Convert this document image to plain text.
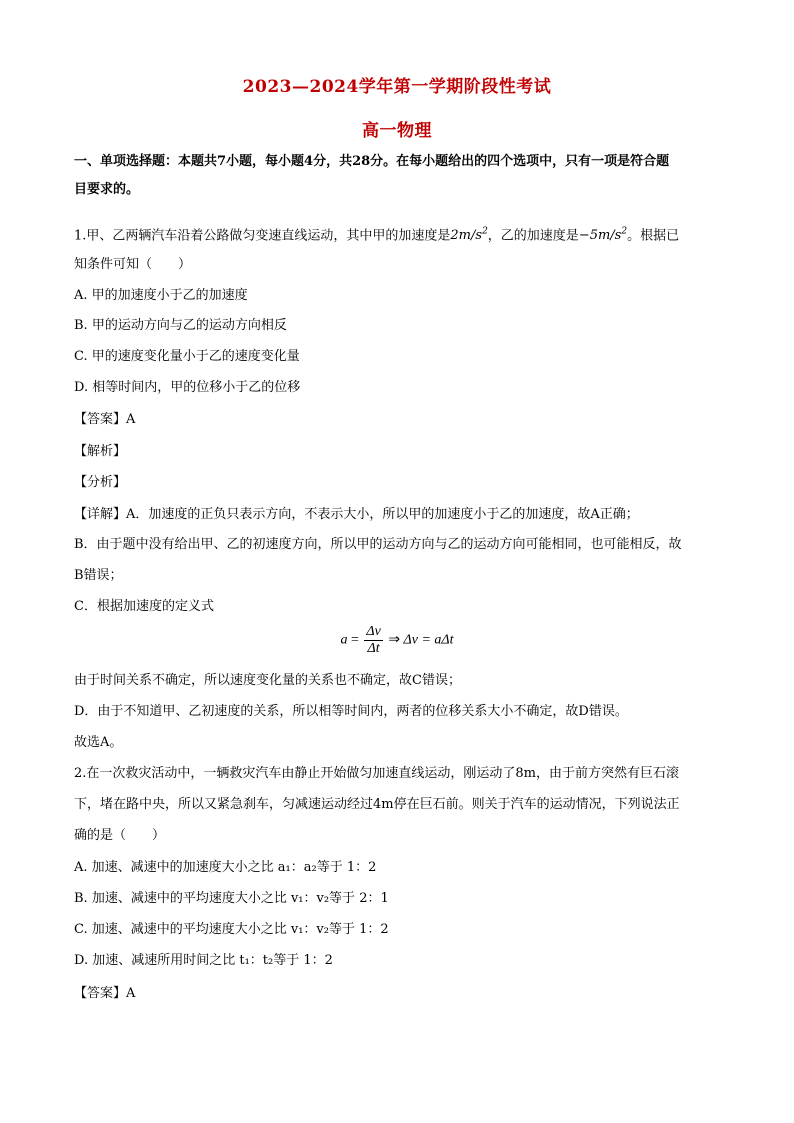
2023—2024学年第一学期阶段性考试
高一物理
一、单项选择题：本题共7小题，每小题4分，共28分。在每小题给出的四个选项中，只有一项是符合题
目要求的。
1.甲、乙两辆汽车沿着公路做匀变速直线运动，其中甲的加速度是$2m/s^2$，乙的加速度是$-5m/s^2$。根据已
知条件可知（　　）
A. 甲的加速度小于乙的加速度
B. 甲的运动方向与乙的运动方向相反
C. 甲的速度变化量小于乙的速度变化量
D. 相等时间内，甲的位移小于乙的位移
【答案】A
【解析】
【分析】
【详解】A．加速度的正负只表示方向，不表示大小，所以甲的加速度小于乙的加速度，故A正确；
B．由于题中没有给出甲、乙的初速度方向，所以甲的运动方向与乙的运动方向可能相同，也可能相反，故
B错误；
C．根据加速度的定义式
$a = \frac{\Delta v}{\Delta t}$ ⇒ Δv = aΔt
由于时间关系不确定，所以速度变化量的关系也不确定，故C错误；
D．由于不知道甲、乙初速度的关系，所以相等时间内，两者的位移关系大小不确定，故D错误。
故选A。
2.在一次救灾活动中，一辆救灾汽车由静止开始做匀加速直线运动，刚运动了8m，由于前方突然有巨石滚
下，堵在路中央，所以又紧急刹车，匀减速运动经过4m停在巨石前。则关于汽车的运动情况，下列说法正
确的是（　　）
A. 加速、减速中的加速度大小之比 a₁：a₂等于 1：2
B. 加速、减速中的平均速度大小之比 v₁：v₂等于 2：1
C. 加速、减速中的平均速度大小之比 v₁：v₂等于 1：2
D. 加速、减速所用时间之比 t₁：t₂等于 1：2
【答案】A
